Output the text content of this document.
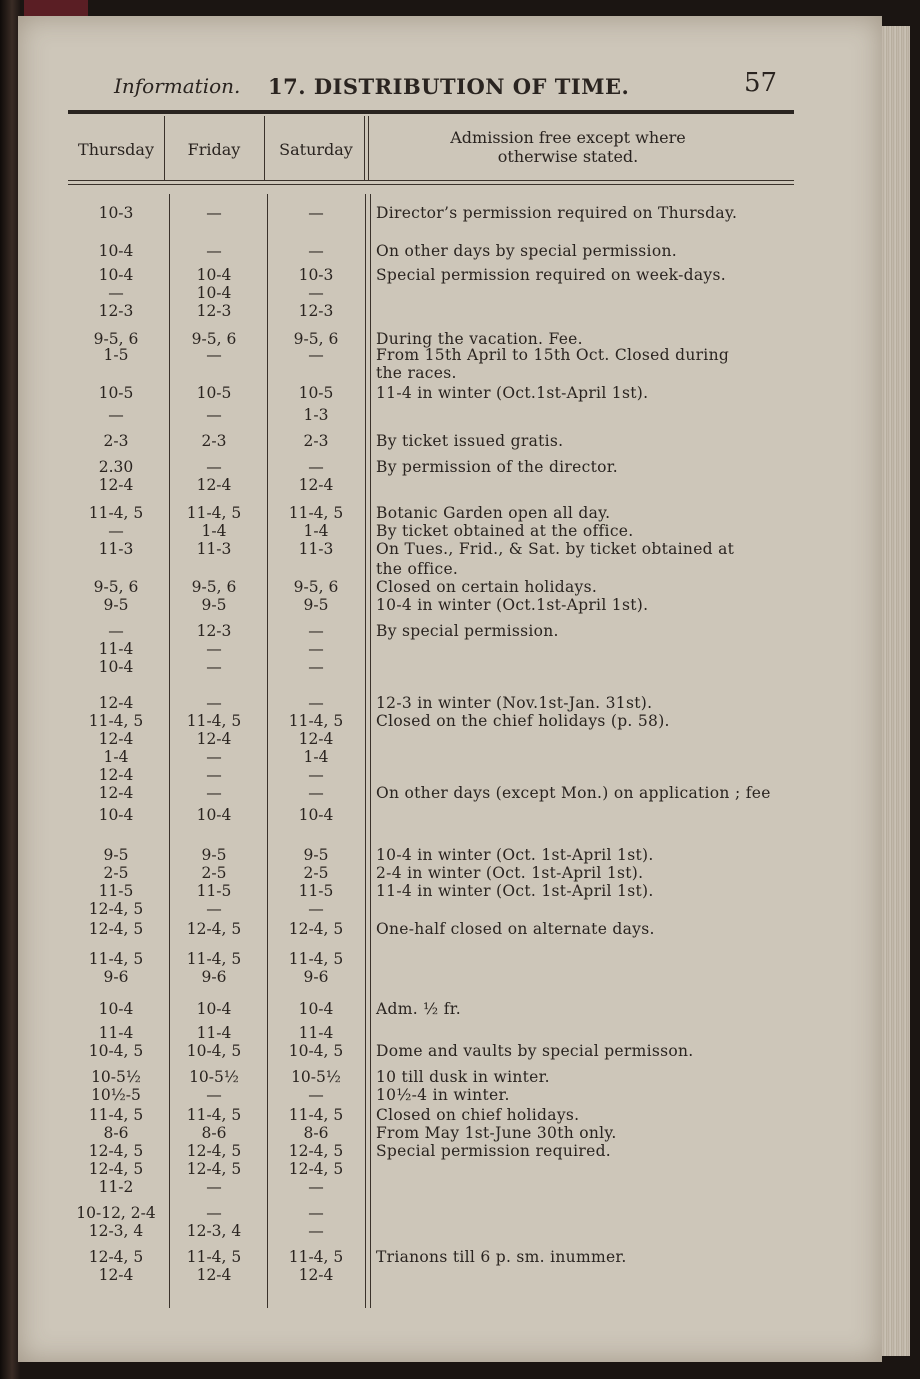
Information. 17. DISTRIBUTION OF TIME.	57
Thursday	Friday	Saturday
Admission free except where
otherwise stated.
10-3	—	—	Director’s permission required on Thursday.
10-4	—	—	On other days by special permission.
10-4	10-4	10-3	Special permission required on week-days.
—	10-4	—
12-3	12-3	12-3
9-5, 6	9-5, 6	9-5, 6	During the vacation. Fee.
1-5	—	—	From 15th April to 15th Oct. Closed during
the races.
10-5	10-5	10-5	11-4 in winter (Oct.1st-April 1st).
—	—	1-3
2-3	2-3	2-3	By ticket issued gratis.
2.30	—	—	By permission of the director.
12-4	12-4	12-4
11-4, 5	11-4, 5	11-4, 5	Botanic Garden open all day.
—	1-4	1-4	By ticket obtained at the office.
11-3	11-3	11-3	On Tues., Frid., & Sat. by ticket obtained at
the office.
9-5, 6	9-5, 6	9-5, 6	Closed on certain holidays.
9-5	9-5	9-5	10-4 in winter (Oct.1st-April 1st).
—	12-3	—	By special permission.
11-4	—	—
10-4	—	—
12-4	—	—	12-3 in winter (Nov.1st-Jan. 31st).
11-4, 5	11-4, 5	11-4, 5	Closed on the chief holidays (p. 58).
12-4	12-4	12-4
1-4	—	1-4
12-4	—	—
12-4	—	—	On other days (except Mon.) on application ; fee
10-4	10-4	10-4
9-5	9-5	9-5	10-4 in winter (Oct. 1st-April 1st).
2-5	2-5	2-5	2-4 in winter (Oct. 1st-April 1st).
11-5	11-5	11-5	11-4 in winter (Oct. 1st-April 1st).
12-4, 5	—	—
12-4, 5	12-4, 5	12-4, 5	One-half closed on alternate days.
11-4, 5	11-4, 5	11-4, 5
9-6	9-6	9-6
10-4	10-4	10-4	Adm. ½ fr.
11-4	11-4	11-4
10-4, 5	10-4, 5	10-4, 5	Dome and vaults by special permisson.
10-5½	10-5½	10-5½	10 till dusk in winter.
10½-5	—	—	10½-4 in winter.
11-4, 5	11-4, 5	11-4, 5	Closed on chief holidays.
8-6	8-6	8-6	From May 1st-June 30th only.
12-4, 5	12-4, 5	12-4, 5	Special permission required.
12-4, 5	12-4, 5	12-4, 5
11-2	—	—
10-12, 2-4	—	—
12-3, 4	12-3, 4	—
12-4, 5	11-4, 5	11-4, 5	Trianons till 6 p. sm. inummer.
12-4	12-4	12-4
